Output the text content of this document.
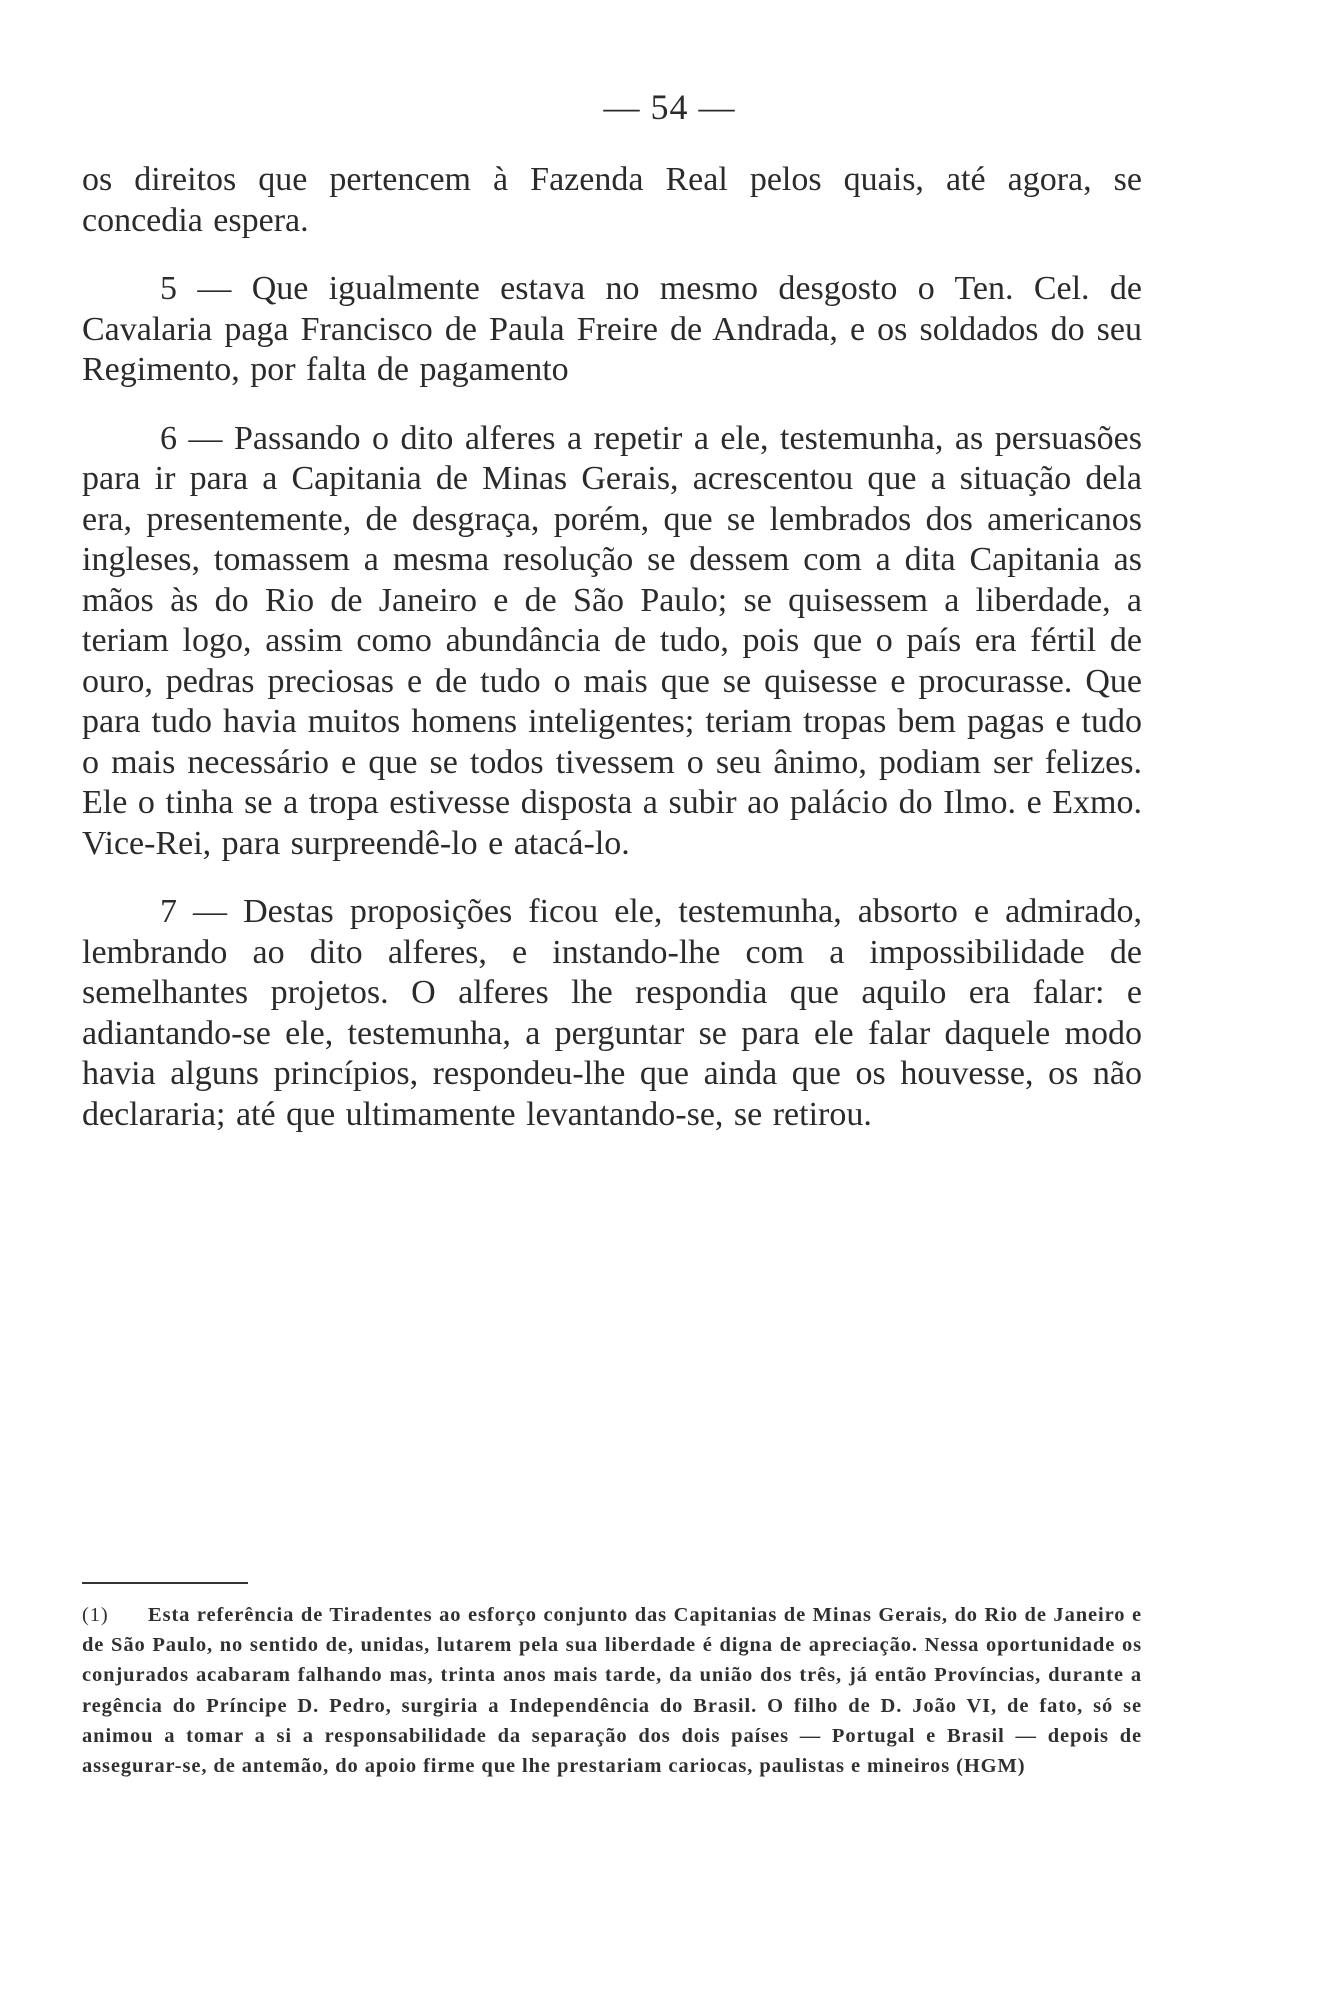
— 54 —

os direitos que pertencem à Fazenda Real pelos quais, até agora, se concedia espera.

5 — Que igualmente estava no mesmo desgosto o Ten. Cel. de Cavalaria paga Francisco de Paula Freire de Andrada, e os soldados do seu Regimento, por falta de pagamento

6 — Passando o dito alferes a repetir a ele, testemunha, as persuasões para ir para a Capitania de Minas Gerais, acrescentou que a situação dela era, presentemente, de desgraça, porém, que se lembrados dos americanos ingleses, tomassem a mesma resolução se dessem com a dita Capitania as mãos às do Rio de Janeiro e de São Paulo; se quisessem a liberdade, a teriam logo, assim como abundância de tudo, pois que o país era fértil de ouro, pedras preciosas e de tudo o mais que se quisesse e procurasse. Que para tudo havia muitos homens inteligentes; teriam tropas bem pagas e tudo o mais necessário e que se todos tivessem o seu ânimo, podiam ser felizes. Ele o tinha se a tropa estivesse disposta a subir ao palácio do Ilmo. e Exmo. Vice-Rei, para surpreendê-lo e atacá-lo.

7 — Destas proposições ficou ele, testemunha, absorto e admirado, lembrando ao dito alferes, e instando-lhe com a impossibilidade de semelhantes projetos. O alferes lhe respondia que aquilo era falar: e adiantando-se ele, testemunha, a perguntar se para ele falar daquele modo havia alguns princípios, respondeu-lhe que ainda que os houvesse, os não declararia; até que ultimamente levantando-se, se retirou.

(1) Esta referência de Tiradentes ao esforço conjunto das Capitanias de Minas Gerais, do Rio de Janeiro e de São Paulo, no sentido de, unidas, lutarem pela sua liberdade é digna de apreciação. Nessa oportunidade os conjurados acabaram falhando mas, trinta anos mais tarde, da união dos três, já então Províncias, durante a regência do Príncipe D. Pedro, surgiria a Independência do Brasil. O filho de D. João VI, de fato, só se animou a tomar a si a responsabilidade da separação dos dois países — Portugal e Brasil — depois de assegurar-se, de antemão, do apoio firme que lhe prestariam cariocas, paulistas e mineiros (HGM)
